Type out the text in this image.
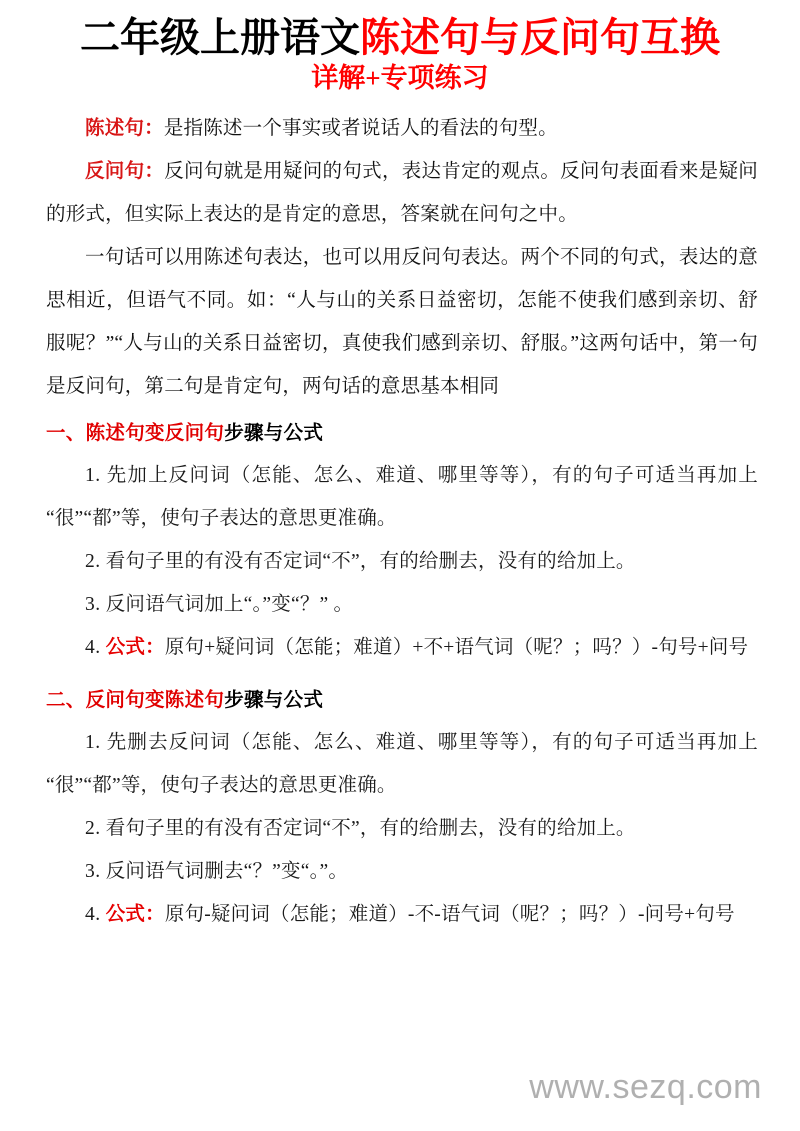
二年级上册语文陈述句与反问句互换
详解+专项练习

陈述句：是指陈述一个事实或者说话人的看法的句型。

反问句：反问句就是用疑问的句式，表达肯定的观点。反问句表面看来是疑问的形式，但实际上表达的是肯定的意思，答案就在问句之中。

一句话可以用陈述句表达，也可以用反问句表达。两个不同的句式，表达的意思相近，但语气不同。如：“人与山的关系日益密切，怎能不使我们感到亲切、舒服呢？”“人与山的关系日益密切，真使我们感到亲切、舒服。”这两句话中，第一句是反问句，第二句是肯定句，两句话的意思基本相同

一、陈述句变反问句步骤与公式

1. 先加上反问词（怎能、怎么、难道、哪里等等），有的句子可适当再加上“很”“都”等，使句子表达的意思更准确。

2. 看句子里的有没有否定词“不”，有的给删去，没有的给加上。

3. 反问语气词加上“。”变“？” 。

4. 公式：原句+疑问词（怎能；难道）+不+语气词（呢？；吗？）-句号+问号

二、反问句变陈述句步骤与公式

1. 先删去反问词（怎能、怎么、难道、哪里等等），有的句子可适当再加上“很”“都”等，使句子表达的意思更准确。

2. 看句子里的有没有否定词“不”，有的给删去，没有的给加上。

3. 反问语气词删去“？”变“。”。

4. 公式：原句-疑问词（怎能；难道）-不-语气词（呢？；吗？）-问号+句号

www.sezq.com
